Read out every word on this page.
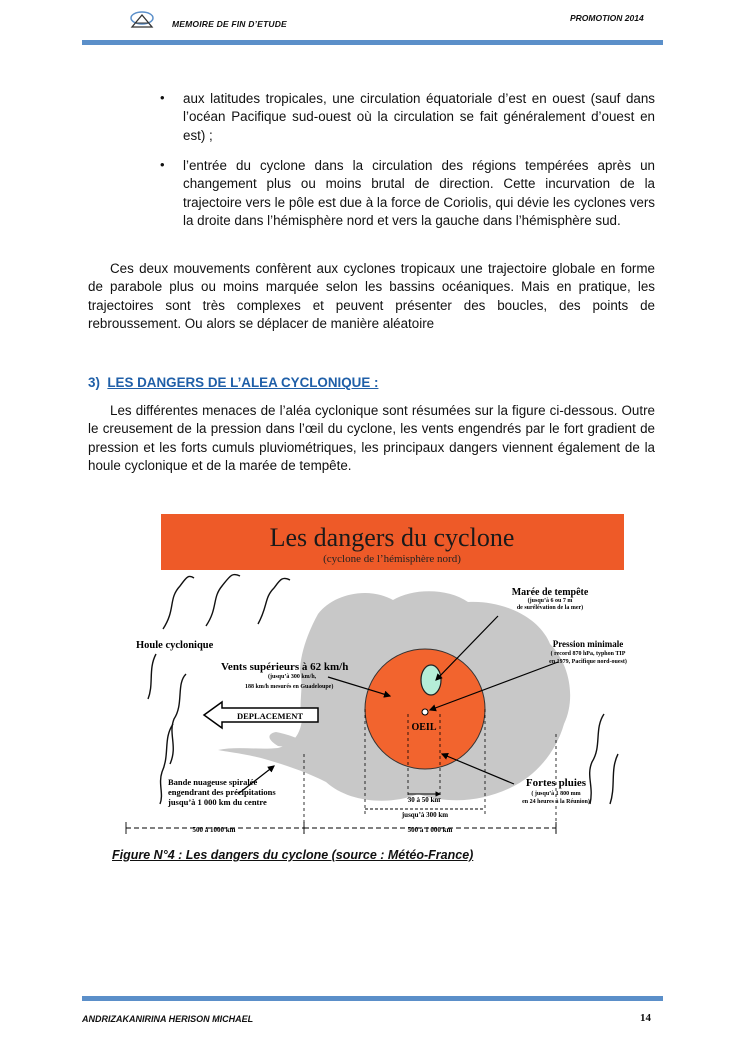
MEMOIRE DE FIN D’ETUDE
PROMOTION 2014
• aux latitudes tropicales, une circulation équatoriale d’est en ouest (sauf dans l’océan Pacifique sud-ouest où la circulation se fait généralement d’ouest en est) ;
• l’entrée du cyclone dans la circulation des régions tempérées après un changement plus ou moins brutal de direction. Cette incurvation de la trajectoire vers le pôle est due à la force de Coriolis, qui dévie les cyclones vers la droite dans l’hémisphère nord et vers la gauche dans l’hémisphère sud.
Ces deux mouvements confèrent aux cyclones tropicaux une trajectoire globale en forme de parabole plus ou moins marquée selon les bassins océaniques. Mais en pratique, les trajectoires sont très complexes et peuvent présenter des boucles, des points de rebroussement. Ou alors se déplacer de manière aléatoire
3) LES DANGERS DE L’ALEA CYCLONIQUE :
Les différentes menaces de l’aléa cyclonique sont résumées sur la figure ci-dessous. Outre le creusement de la pression dans l’œil du cyclone, les vents engendrés par le fort gradient de pression et les forts cumuls pluviométriques, les principaux dangers viennent également de la houle cyclonique et de la marée de tempête.
Les dangers du cyclone
(cyclone de l’hémisphère nord)
OEIL
DEPLACEMENT
Marée de tempête
(jusqu’à 6 ou 7 m
de surélévation de la mer)
Houle cyclonique
Vents supérieurs à 62 km/h
(jusqu’à 300 km/h,
188 km/h mesurés en Guadeloupe)
Pression minimale
( record 870 hPa, typhon TIP
en 1979, Pacifique nord-ouest)
Bande nuageuse spiralée
engendrant des précipitations
jusqu’à 1 000 km du centre
Fortes pluies
( jusqu’à 1 800 mm
en 24 heures à la Réunion)
30 à 50 km
jusqu’à 300 km
500 à 1000 km	500 à 1 000 km
Figure N°4 : Les dangers du cyclone (source : Météo-France)
ANDRIZAKANIRINA HERISON MICHAEL	14
